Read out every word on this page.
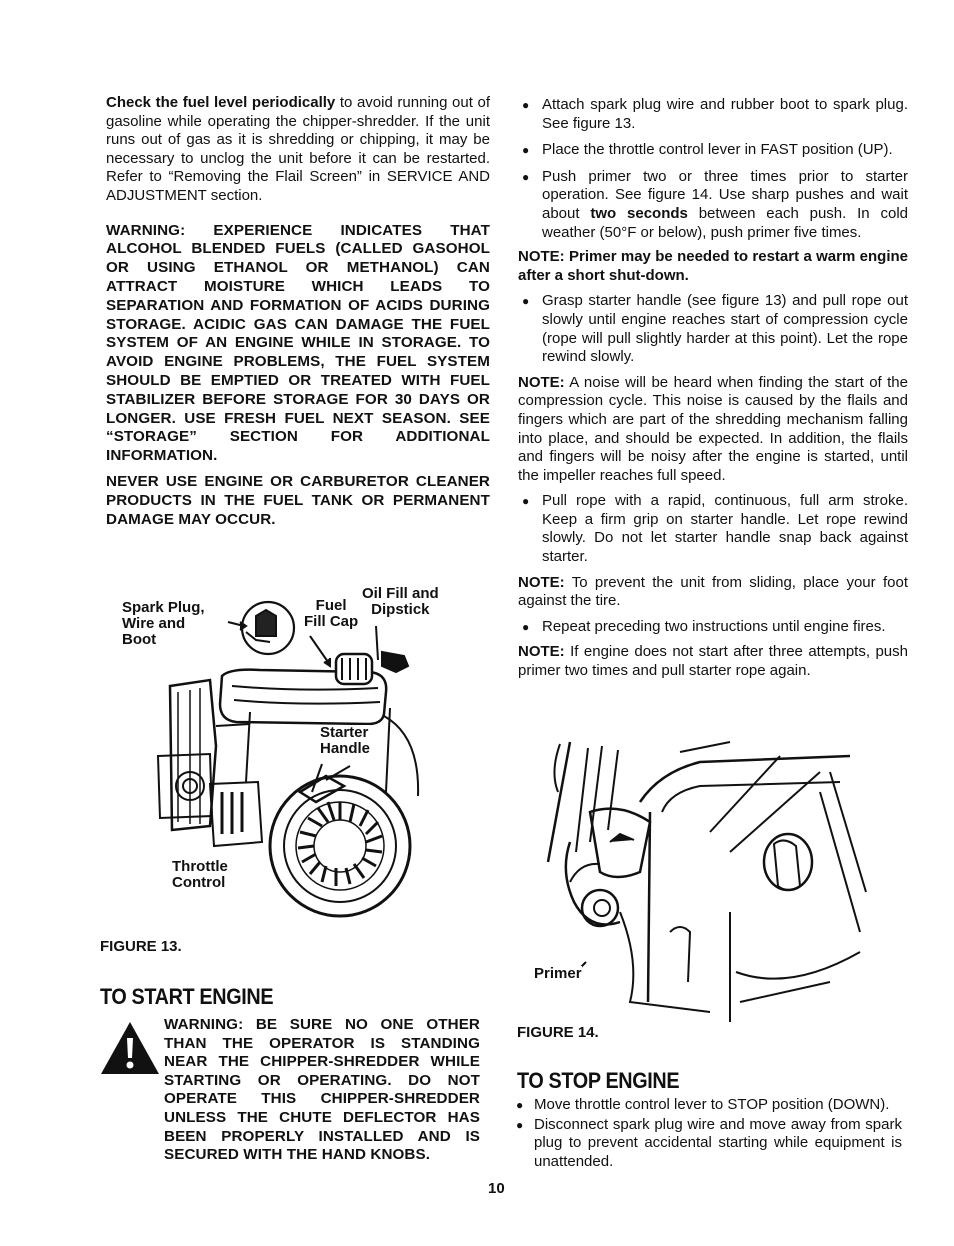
Check the fuel level periodically to avoid running out of gasoline while operating the chipper-shredder. If the unit runs out of gas as it is shredding or chipping, it may be necessary to unclog the unit before it can be restarted. Refer to “Removing the Flail Screen” in SERVICE AND ADJUSTMENT section.

WARNING: EXPERIENCE INDICATES THAT ALCOHOL BLENDED FUELS (CALLED GASOHOL OR USING ETHANOL OR METHANOL) CAN ATTRACT MOISTURE WHICH LEADS TO SEPARATION AND FORMATION OF ACIDS DURING STORAGE. ACIDIC GAS CAN DAMAGE THE FUEL SYSTEM OF AN ENGINE WHILE IN STORAGE. TO AVOID ENGINE PROBLEMS, THE FUEL SYSTEM SHOULD BE EMPTIED OR TREATED WITH FUEL STABILIZER BEFORE STORAGE FOR 30 DAYS OR LONGER. USE FRESH FUEL NEXT SEASON. SEE “STORAGE” SECTION FOR ADDITIONAL INFORMATION.

NEVER USE ENGINE OR CARBURETOR CLEANER PRODUCTS IN THE FUEL TANK OR PERMANENT DAMAGE MAY OCCUR.

Spark Plug,
Wire and
Boot
Fuel
Fill Cap
Oil Fill and
Dipstick
Starter
Handle
Throttle
Control
FIGURE 13.
TO START ENGINE
WARNING: BE SURE NO ONE OTHER THAN THE OPERATOR IS STANDING NEAR THE CHIPPER-SHREDDER WHILE STARTING OR OPERATING. DO NOT OPERATE THIS CHIPPER-SHREDDER UNLESS THE CHUTE DEFLECTOR HAS BEEN PROPERLY INSTALLED AND IS SECURED WITH THE HAND KNOBS.
● Attach spark plug wire and rubber boot to spark plug. See figure 13.
● Place the throttle control lever in FAST position (UP).
● Push primer two or three times prior to starter operation. See figure 14. Use sharp pushes and wait about two seconds between each push. In cold weather (50°F or below), push primer five times.

NOTE: Primer may be needed to restart a warm engine after a short shut-down.

● Grasp starter handle (see figure 13) and pull rope out slowly until engine reaches start of compression cycle (rope will pull slightly harder at this point). Let the rope rewind slowly.

NOTE: A noise will be heard when finding the start of the compression cycle. This noise is caused by the flails and fingers which are part of the shredding mechanism falling into place, and should be expected. In addition, the flails and fingers will be noisy after the engine is started, until the impeller reaches full speed.

● Pull rope with a rapid, continuous, full arm stroke. Keep a firm grip on starter handle. Let rope rewind slowly. Do not let starter handle snap back against starter.

NOTE: To prevent the unit from sliding, place your foot against the tire.

● Repeat preceding two instructions until engine fires.

NOTE: If engine does not start after three attempts, push primer two times and pull starter rope again.

Primer
FIGURE 14.
TO STOP ENGINE
● Move throttle control lever to STOP position (DOWN).
● Disconnect spark plug wire and move away from spark plug to prevent accidental starting while equipment is unattended.
10
